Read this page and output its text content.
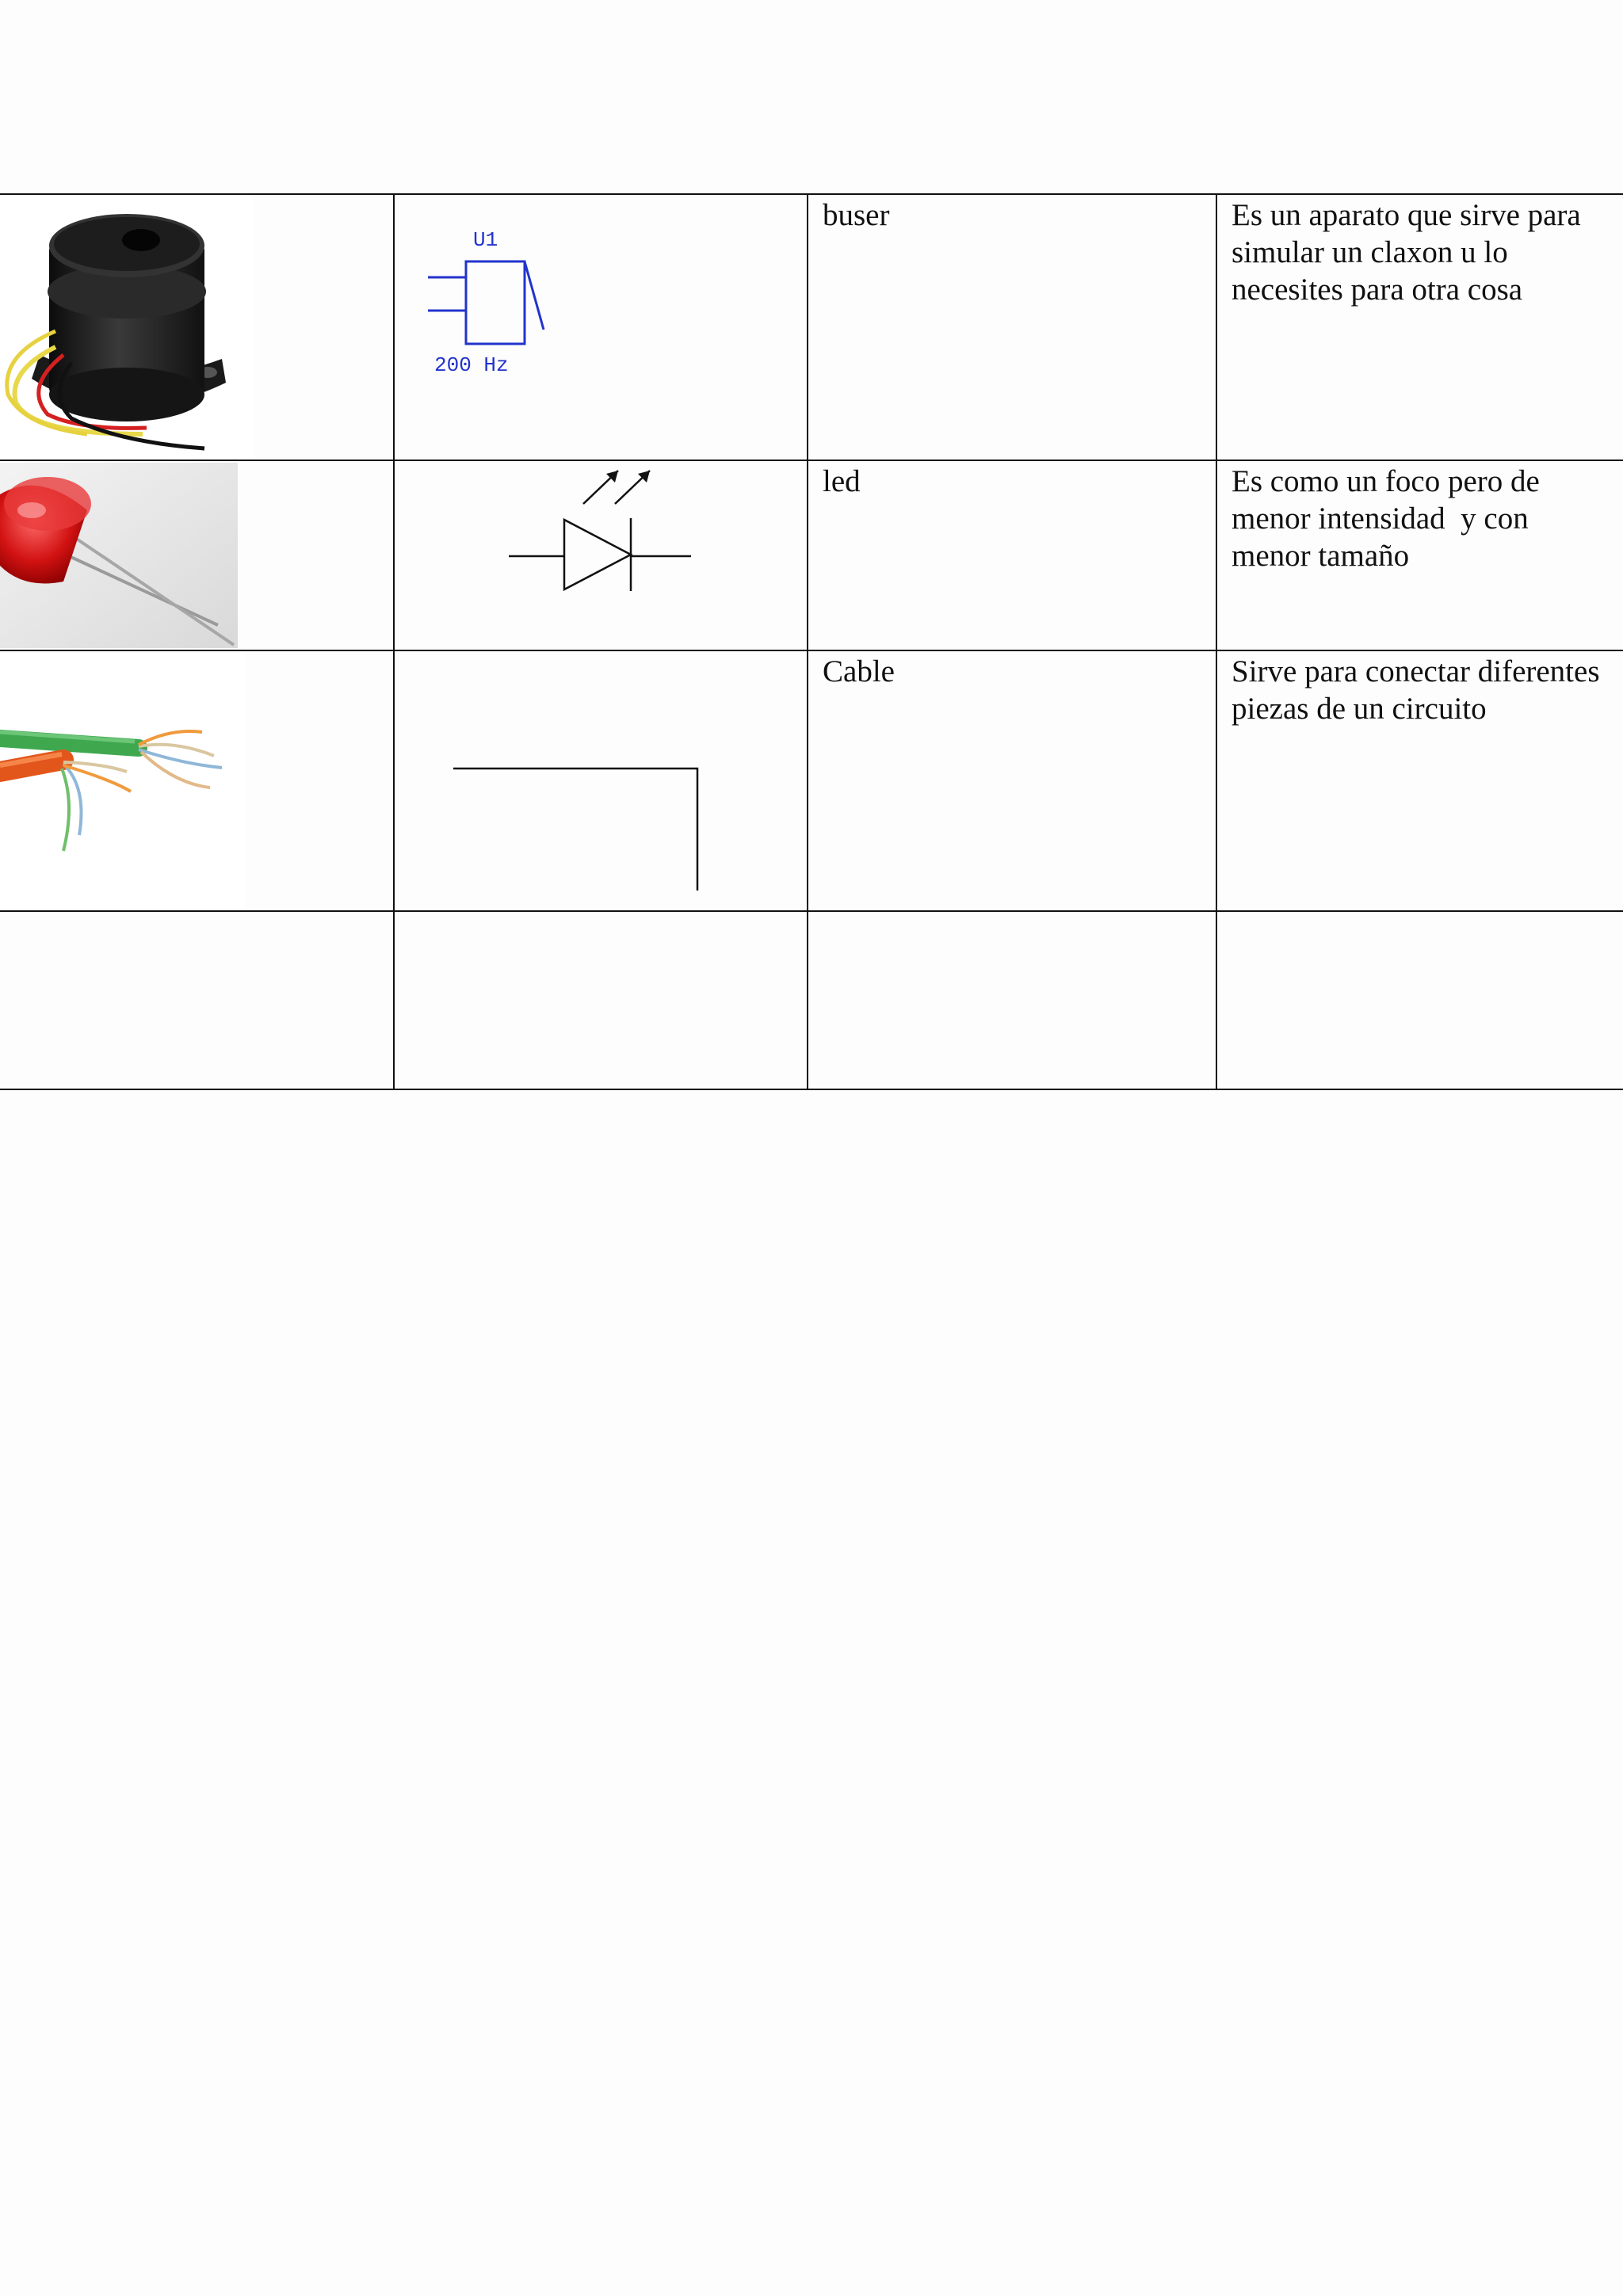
U1
200 Hz
buser	Es un aparato que sirve para simular un claxon u lo necesites para otra cosa
led	Es como un foco pero de menor intensidad  y con menor tamaño
Cable	Sirve para conectar diferentes piezas de un circuito
